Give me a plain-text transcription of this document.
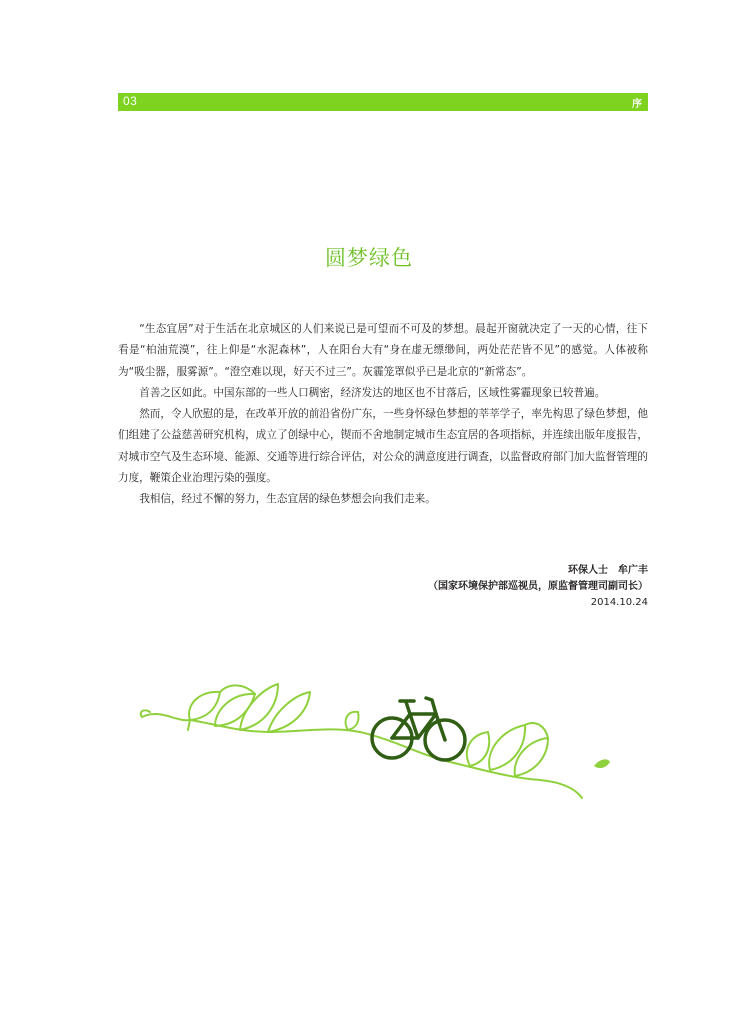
03	序
圆梦绿色

“生态宜居”对于生活在北京城区的人们来说已是可望而不可及的梦想。晨起开窗就决定了一天的心情，往下看是“柏油荒漠”，往上仰是“水泥森林”，人在阳台大有“身在虚无缥缈间，两处茫茫皆不见”的感觉。人体被称为“吸尘器，服雾源”。“澄空难以现，好天不过三”。灰霾笼罩似乎已是北京的“新常态”。

首善之区如此。中国东部的一些人口稠密，经济发达的地区也不甘落后，区域性雾霾现象已较普遍。

然而，令人欣慰的是，在改革开放的前沿省份广东，一些身怀绿色梦想的莘莘学子，率先构思了绿色梦想，他们组建了公益慈善研究机构，成立了创绿中心，锲而不舍地制定城市生态宜居的各项指标，并连续出版年度报告，对城市空气及生态环境、能源、交通等进行综合评估，对公众的满意度进行调查，以监督政府部门加大监督管理的力度，鞭策企业治理污染的强度。

我相信，经过不懈的努力，生态宜居的绿色梦想会向我们走来。

环保人士　牟广丰
（国家环境保护部巡视员，原监督管理司副司长）
2014.10.24
